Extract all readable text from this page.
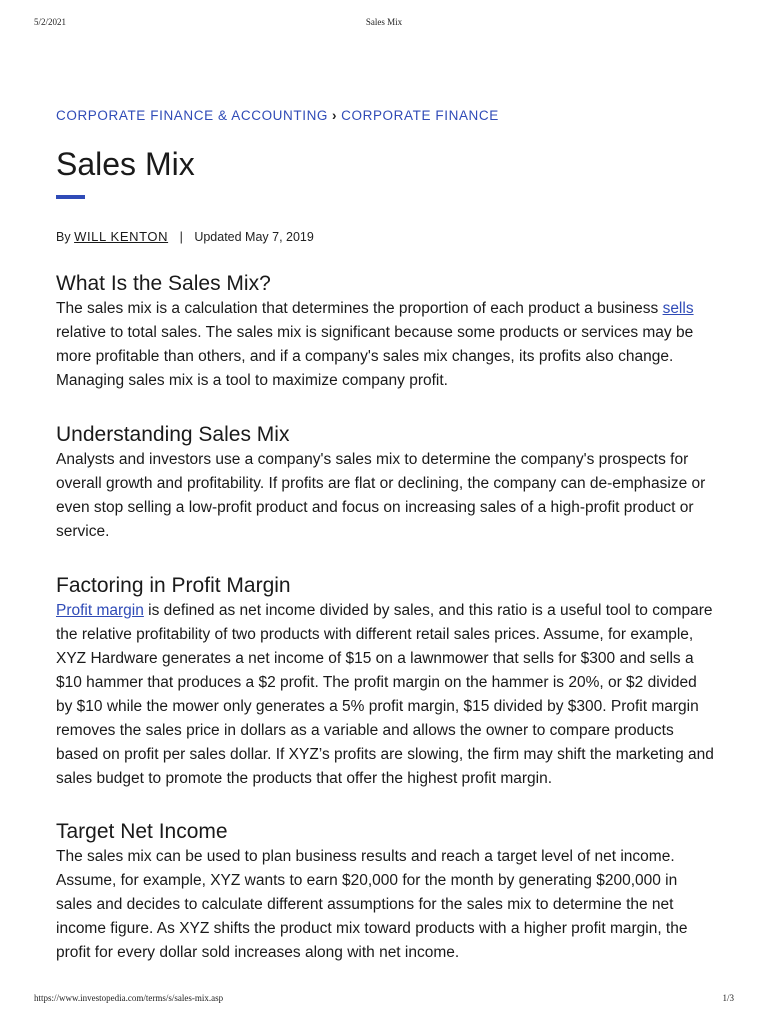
5/2/2021	Sales Mix
CORPORATE FINANCE & ACCOUNTING › CORPORATE FINANCE
Sales Mix
By WILL KENTON | Updated May 7, 2019
What Is the Sales Mix?

The sales mix is a calculation that determines the proportion of each product a business sells relative to total sales. The sales mix is significant because some products or services may be more profitable than others, and if a company's sales mix changes, its profits also change. Managing sales mix is a tool to maximize company profit.

Understanding Sales Mix

Analysts and investors use a company's sales mix to determine the company's prospects for overall growth and profitability. If profits are flat or declining, the company can de-emphasize or even stop selling a low-profit product and focus on increasing sales of a high-profit product or service.

Factoring in Profit Margin

Profit margin is defined as net income divided by sales, and this ratio is a useful tool to compare the relative profitability of two products with different retail sales prices. Assume, for example, XYZ Hardware generates a net income of $15 on a lawnmower that sells for $300 and sells a $10 hammer that produces a $2 profit. The profit margin on the hammer is 20%, or $2 divided by $10 while the mower only generates a 5% profit margin, $15 divided by $300. Profit margin removes the sales price in dollars as a variable and allows the owner to compare products based on profit per sales dollar. If XYZ’s profits are slowing, the firm may shift the marketing and sales budget to promote the products that offer the highest profit margin.

Target Net Income

The sales mix can be used to plan business results and reach a target level of net income. Assume, for example, XYZ wants to earn $20,000 for the month by generating $200,000 in sales and decides to calculate different assumptions for the sales mix to determine the net income figure. As XYZ shifts the product mix toward products with a higher profit margin, the profit for every dollar sold increases along with net income.

https://www.investopedia.com/terms/s/sales-mix.asp	1/3
